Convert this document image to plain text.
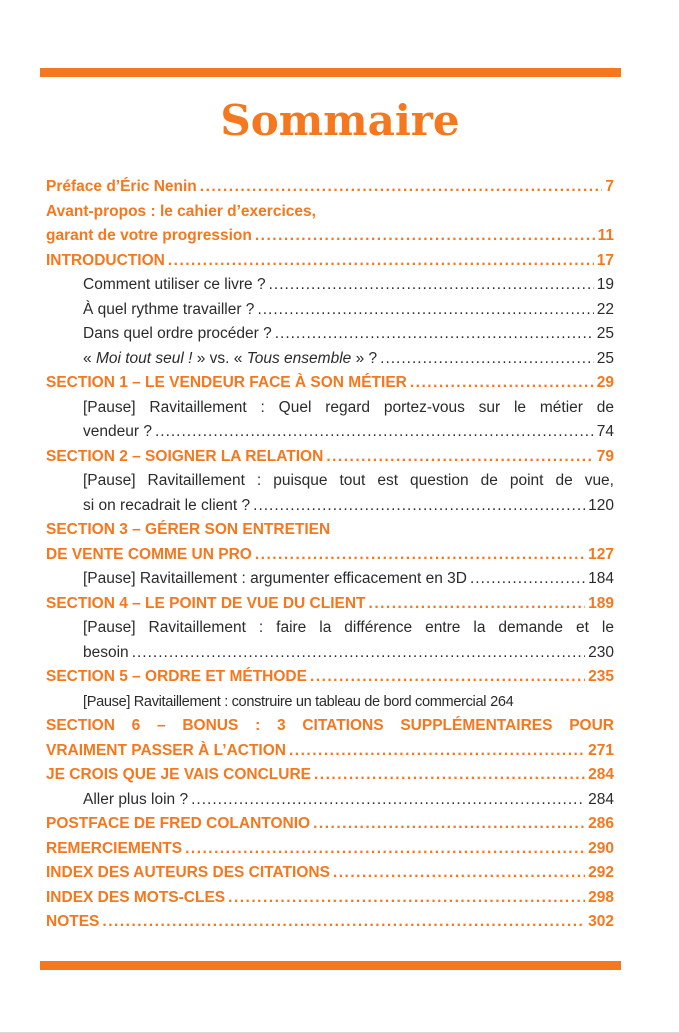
Sommaire
Préface d’Éric Nenin .....	7
Avant-propos : le cahier d’exercices,
garant de votre progression .....	11
INTRODUCTION .....	17
Comment utiliser ce livre ? .....	19
À quel rythme travailler ? .....	22
Dans quel ordre procéder ? .....	25
« Moi tout seul ! » vs. « Tous ensemble » ? .....	25
SECTION 1 – LE VENDEUR FACE À SON MÉTIER .....	29
[Pause] Ravitaillement : Quel regard portez-vous sur le métier de
vendeur ? .....	74
SECTION 2 – SOIGNER LA RELATION .....	79
[Pause] Ravitaillement : puisque tout est question de point de vue,
si on recadrait le client ? .....	120
SECTION 3 – GÉRER SON ENTRETIEN
DE VENTE COMME UN PRO .....	127
[Pause] Ravitaillement : argumenter efficacement en 3D .....	184
SECTION 4 – LE POINT DE VUE DU CLIENT .....	189
[Pause] Ravitaillement : faire la différence entre la demande et le
besoin .....	230
SECTION 5 – ORDRE ET MÉTHODE .....	235
[Pause] Ravitaillement : construire un tableau de bord commercial 264
SECTION 6 – BONUS : 3 CITATIONS SUPPLÉMENTAIRES POUR
VRAIMENT PASSER À L’ACTION .....	271
JE CROIS QUE JE VAIS CONCLURE .....	284
Aller plus loin ? .....	284
POSTFACE DE FRED COLANTONIO .....	286
REMERCIEMENTS .....	290
INDEX DES AUTEURS DES CITATIONS .....	292
INDEX DES MOTS-CLES .....	298
NOTES .....	302
